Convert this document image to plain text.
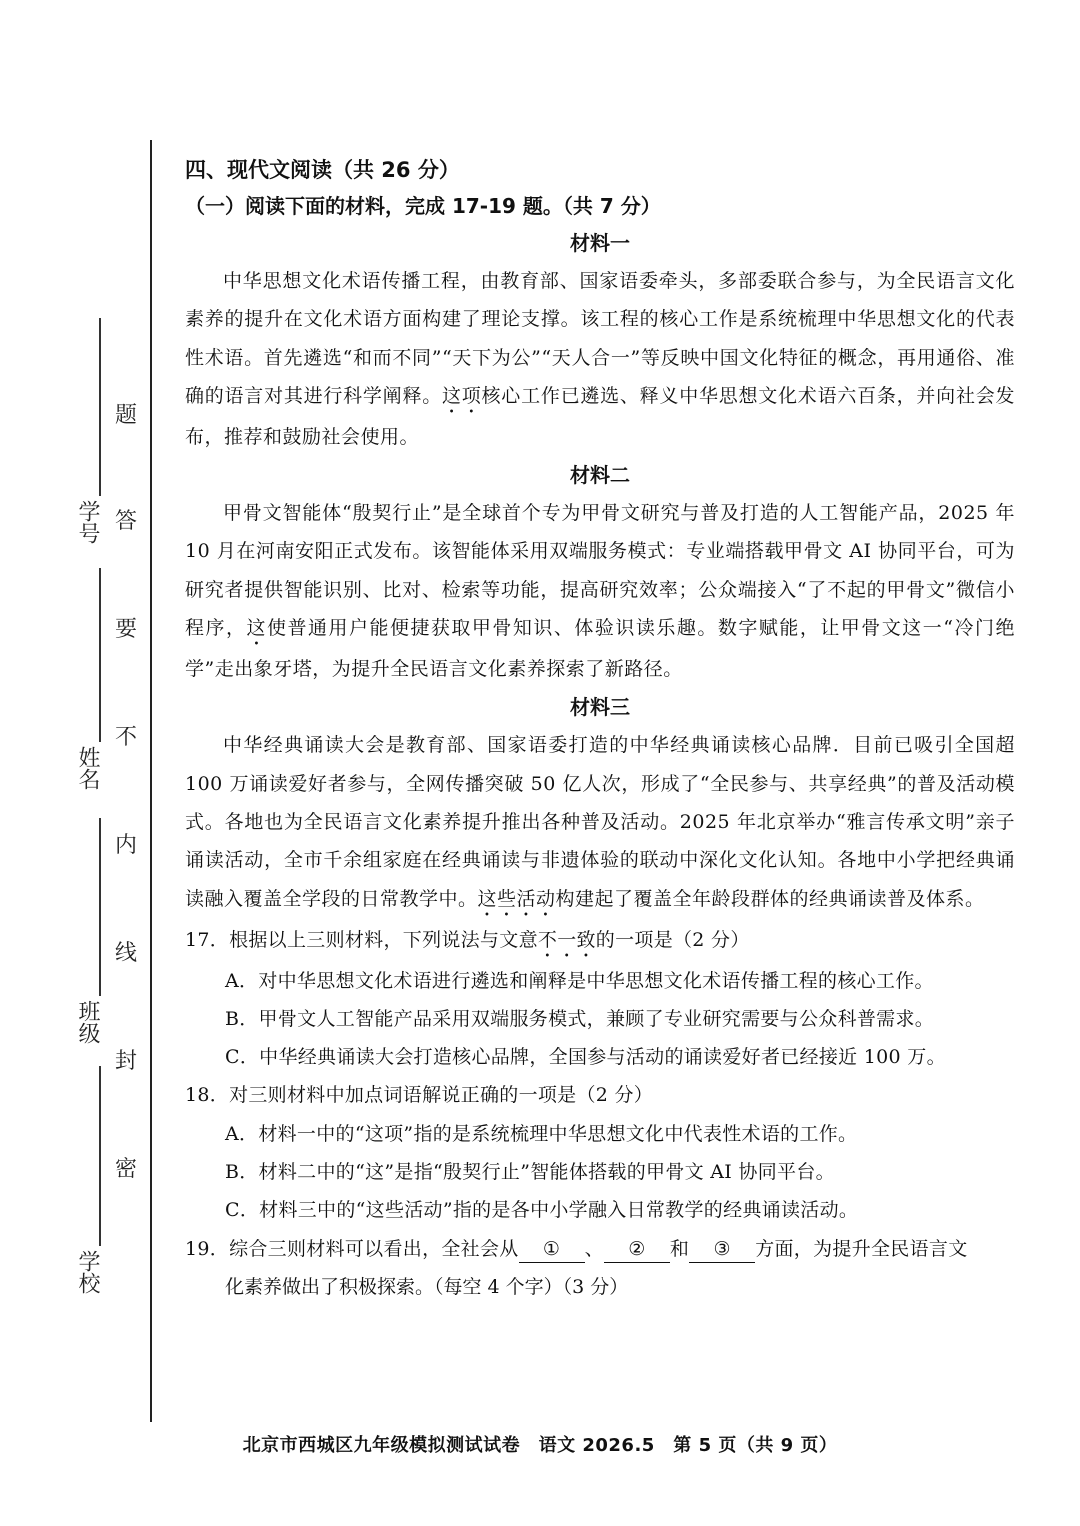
题
答
要
不
内
线
封
密
学号
姓名
班级
学校
四、现代文阅读（共 26 分）
（一）阅读下面的材料，完成 17-19 题。（共 7 分）
材料一

中华思想文化术语传播工程，由教育部、国家语委牵头，多部委联合参与，为全民语言文化素养的提升在文化术语方面构建了理论支撑。该工程的核心工作是系统梳理中华思想文化的代表性术语。首先遴选“和而不同”“天下为公”“天人合一”等反映中国文化特征的概念，再用通俗、准确的语言对其进行科学阐释。这项核心工作已遴选、释义中华思想文化术语六百条，并向社会发布，推荐和鼓励社会使用。

材料二

甲骨文智能体“殷契行止”是全球首个专为甲骨文研究与普及打造的人工智能产品，2025 年 10 月在河南安阳正式发布。该智能体采用双端服务模式：专业端搭载甲骨文 AI 协同平台，可为研究者提供智能识别、比对、检索等功能，提高研究效率；公众端接入“了不起的甲骨文”微信小程序，这使普通用户能便捷获取甲骨知识、体验识读乐趣。数字赋能，让甲骨文这一“冷门绝学”走出象牙塔，为提升全民语言文化素养探索了新路径。

材料三

中华经典诵读大会是教育部、国家语委打造的中华经典诵读核心品牌．目前已吸引全国超 100 万诵读爱好者参与，全网传播突破 50 亿人次，形成了“全民参与、共享经典”的普及活动模式。各地也为全民语言文化素养提升推出各种普及活动。2025 年北京举办“雅言传承文明”亲子诵读活动，全市千余组家庭在经典诵读与非遗体验的联动中深化文化认知。各地中小学把经典诵读融入覆盖全学段的日常教学中。这些活动构建起了覆盖全年龄段群体的经典诵读普及体系。

17．根据以上三则材料，下列说法与文意不一致的一项是（2 分）

A．对中华思想文化术语进行遴选和阐释是中华思想文化术语传播工程的核心工作。

B．甲骨文人工智能产品采用双端服务模式，兼顾了专业研究需要与公众科普需求。

C．中华经典诵读大会打造核心品牌，全国参与活动的诵读爱好者已经接近 100 万。

18．对三则材料中加点词语解说正确的一项是（2 分）

A．材料一中的“这项”指的是系统梳理中华思想文化中代表性术语的工作。

B．材料二中的“这”是指“殷契行止”智能体搭载的甲骨文 AI 协同平台。

C．材料三中的“这些活动”指的是各中小学融入日常教学的经典诵读活动。

19．综合三则材料可以看出，全社会从 ① 、 ② 和 ③ 方面，为提升全民语言文

化素养做出了积极探索。（每空 4 个字）（3 分）

北京市西城区九年级模拟测试试卷　语文 2026.5　第 5 页（共 9 页）
